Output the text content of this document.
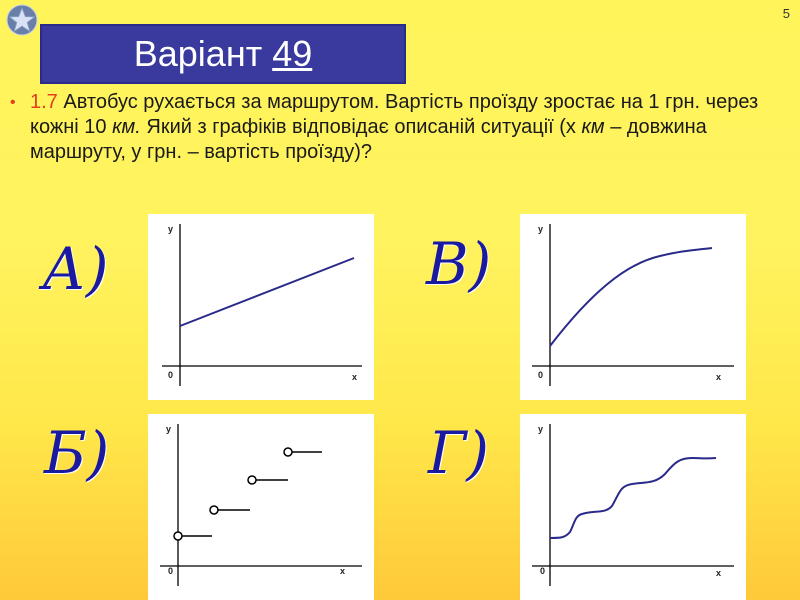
5
Варіант 49
• 1.7 Автобус рухається за маршрутом. Вартість проїзду зростає на 1 грн. через кожні 10 км. Який з графіків відповідає описаній ситуації (х км – довжина маршруту, у грн. – вартість проїзду)?
А)	В)
Б)	Г)
y
x
0
y
x
0
y
x
0
y
x
0
